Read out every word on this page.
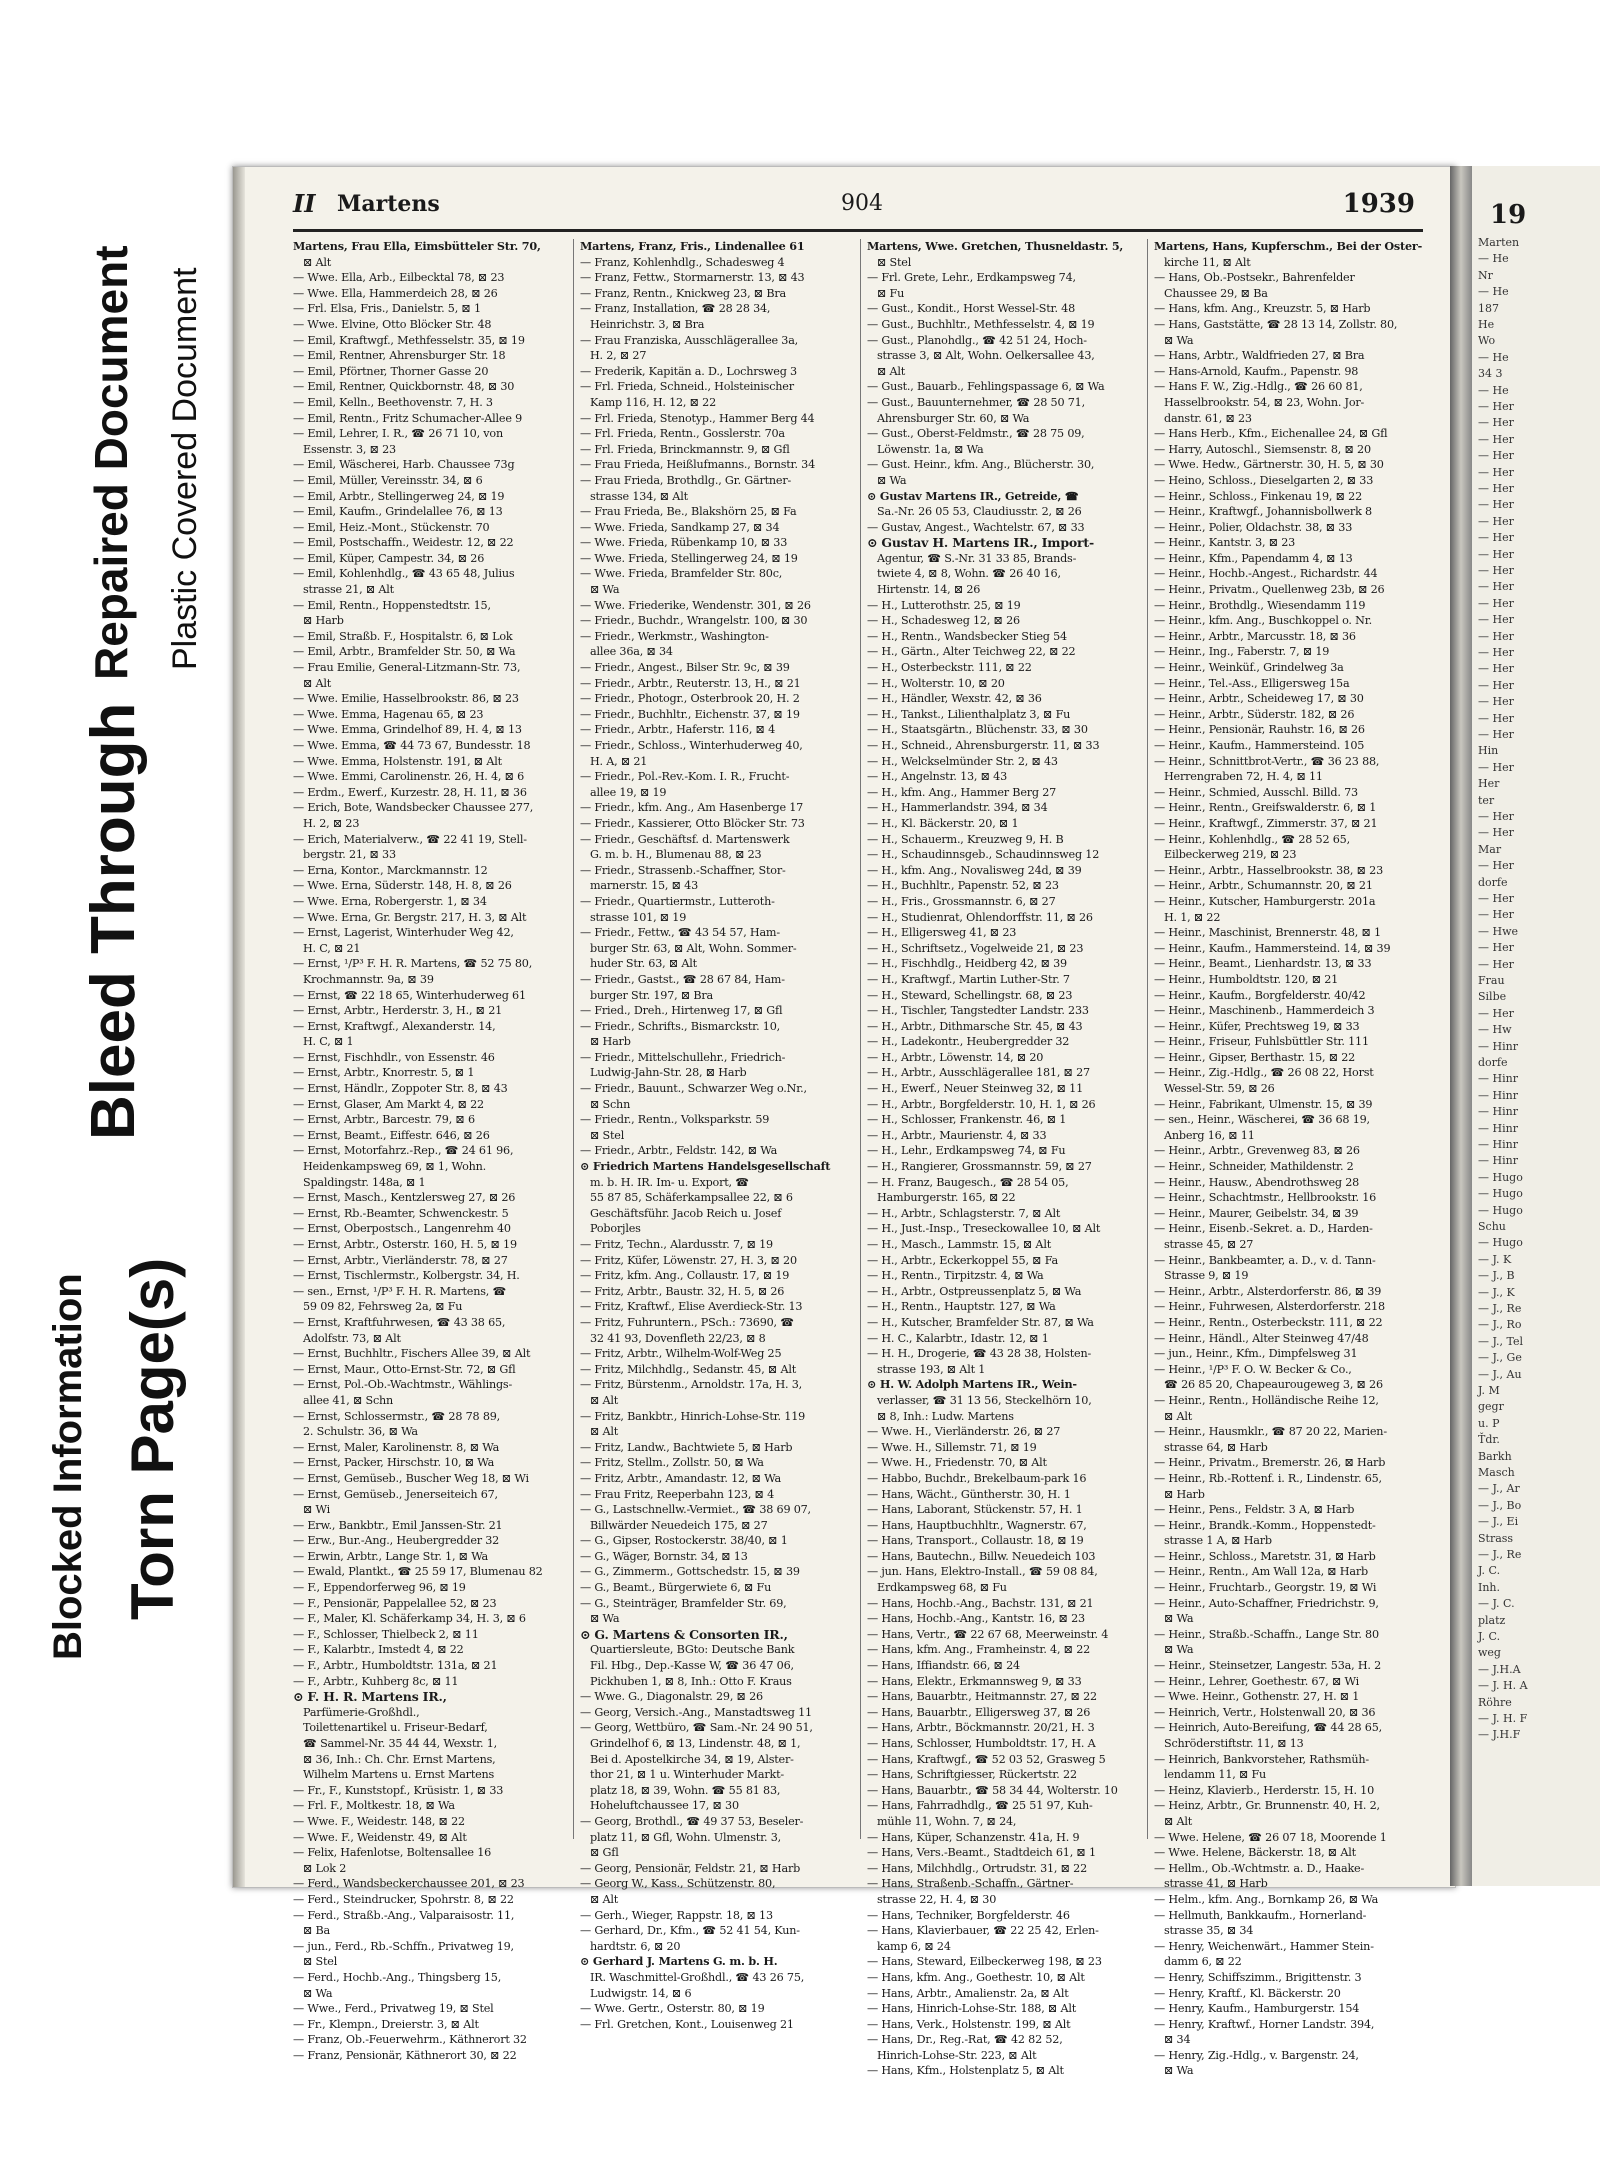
Blocked Information Torn Page(s)
Bleed Through
Repaired Document Plastic Covered Document
II Martens	904	1939

Martens, Frau Ella, Eimsbütteler Str. 70,

⊠ Alt

— Wwe. Ella, Arb., Eilbecktal 78, ⊠ 23

— Wwe. Ella, Hammerdeich 28, ⊠ 26

— Frl. Elsa, Fris., Danielstr. 5, ⊠ 1

— Wwe. Elvine, Otto Blöcker Str. 48

— Emil, Kraftwgf., Methfesselstr. 35, ⊠ 19

— Emil, Rentner, Ahrensburger Str. 18

— Emil, Pförtner, Thorner Gasse 20

— Emil, Rentner, Quickbornstr. 48, ⊠ 30

— Emil, Kelln., Beethovenstr. 7, H. 3

— Emil, Rentn., Fritz Schumacher-Allee 9

— Emil, Lehrer, I. R., ☎ 26 71 10, von

Essenstr. 3, ⊠ 23

— Emil, Wäscherei, Harb. Chaussee 73g

— Emil, Müller, Vereinsstr. 34, ⊠ 6

— Emil, Arbtr., Stellingerweg 24, ⊠ 19

— Emil, Kaufm., Grindelallee 76, ⊠ 13

— Emil, Heiz.-Mont., Stückenstr. 70

— Emil, Postschaffn., Weidestr. 12, ⊠ 22

— Emil, Küper, Campestr. 34, ⊠ 26

— Emil, Kohlenhdlg., ☎ 43 65 48, Julius

strasse 21, ⊠ Alt

— Emil, Rentn., Hoppenstedtstr. 15,

⊠ Harb

— Emil, Straßb. F., Hospitalstr. 6, ⊠ Lok

— Emil, Arbtr., Bramfelder Str. 50, ⊠ Wa

— Frau Emilie, General-Litzmann-Str. 73,

⊠ Alt

— Wwe. Emilie, Hasselbrookstr. 86, ⊠ 23

— Wwe. Emma, Hagenau 65, ⊠ 23

— Wwe. Emma, Grindelhof 89, H. 4, ⊠ 13

— Wwe. Emma, ☎ 44 73 67, Bundesstr. 18

— Wwe. Emma, Holstenstr. 191, ⊠ Alt

— Wwe. Emmi, Carolinenstr. 26, H. 4, ⊠ 6

— Erdm., Ewerf., Kurzestr. 28, H. 11, ⊠ 36

— Erich, Bote, Wandsbecker Chaussee 277,

H. 2, ⊠ 23

— Erich, Materialverw., ☎ 22 41 19, Stell-

bergstr. 21, ⊠ 33

— Erna, Kontor., Marckmannstr. 12

— Wwe. Erna, Süderstr. 148, H. 8, ⊠ 26

— Wwe. Erna, Robergerstr. 1, ⊠ 34

— Wwe. Erna, Gr. Bergstr. 217, H. 3, ⊠ Alt

— Ernst, Lagerist, Winterhuder Weg 42,

H. C, ⊠ 21

— Ernst, ¹/P³ F. H. R. Martens, ☎ 52 75 80,

Krochmannstr. 9a, ⊠ 39

— Ernst, ☎ 22 18 65, Winterhuderweg 61

— Ernst, Arbtr., Herderstr. 3, H., ⊠ 21

— Ernst, Kraftwgf., Alexanderstr. 14,

H. C, ⊠ 1

— Ernst, Fischhdlr., von Essenstr. 46

— Ernst, Arbtr., Knorrestr. 5, ⊠ 1

— Ernst, Händlr., Zoppoter Str. 8, ⊠ 43

— Ernst, Glaser, Am Markt 4, ⊠ 22

— Ernst, Arbtr., Barcestr. 79, ⊠ 6

— Ernst, Beamt., Eiffestr. 646, ⊠ 26

— Ernst, Motorfahrz.-Rep., ☎ 24 61 96,

Heidenkampsweg 69, ⊠ 1, Wohn.

Spaldingstr. 148a, ⊠ 1

— Ernst, Masch., Kentzlersweg 27, ⊠ 26

— Ernst, Rb.-Beamter, Schwenckestr. 5

— Ernst, Oberpostsch., Langenrehm 40

— Ernst, Arbtr., Osterstr. 160, H. 5, ⊠ 19

— Ernst, Arbtr., Vierländerstr. 78, ⊠ 27

— Ernst, Tischlermstr., Kolbergstr. 34, H.

— sen., Ernst, ¹/P³ F. H. R. Martens, ☎

59 09 82, Fehrsweg 2a, ⊠ Fu

— Ernst, Kraftfuhrwesen, ☎ 43 38 65,

Adolfstr. 73, ⊠ Alt

— Ernst, Buchhltr., Fischers Allee 39, ⊠ Alt

— Ernst, Maur., Otto-Ernst-Str. 72, ⊠ Gfl

— Ernst, Pol.-Ob.-Wachtmstr., Wählings-

allee 41, ⊠ Schn

— Ernst, Schlossermstr., ☎ 28 78 89,

2. Schulstr. 36, ⊠ Wa

— Ernst, Maler, Karolinenstr. 8, ⊠ Wa

— Ernst, Packer, Hirschstr. 10, ⊠ Wa

— Ernst, Gemüseb., Buscher Weg 18, ⊠ Wi

— Ernst, Gemüseb., Jenerseiteich 67,

⊠ Wi

— Erw., Bankbtr., Emil Janssen-Str. 21

— Erw., Bur.-Ang., Heubergredder 32

— Erwin, Arbtr., Lange Str. 1, ⊠ Wa

— Ewald, Plantkt., ☎ 25 59 17, Blumenau 82

— F., Eppendorferweg 96, ⊠ 19

— F., Pensionär, Pappelallee 52, ⊠ 23

— F., Maler, Kl. Schäferkamp 34, H. 3, ⊠ 6

— F., Schlosser, Thielbeck 2, ⊠ 11

— F., Kalarbtr., Imstedt 4, ⊠ 22

— F., Arbtr., Humboldtstr. 131a, ⊠ 21

— F., Arbtr., Kuhberg 8c, ⊠ 11

⊙ F. H. R. Martens IR.,

Parfümerie-Großhdl.,

Toilettenartikel u. Friseur-Bedarf,

☎ Sammel-Nr. 35 44 44, Wexstr. 1,

⊠ 36, Inh.: Ch. Chr. Ernst Martens,

Wilhelm Martens u. Ernst Martens

— Fr., F., Kunststopf., Krüsistr. 1, ⊠ 33

— Frl. F., Moltkestr. 18, ⊠ Wa

— Wwe. F., Weidestr. 148, ⊠ 22

— Wwe. F., Weidenstr. 49, ⊠ Alt

— Felix, Hafenlotse, Boltensallee 16

⊠ Lok 2

— Ferd., Wandsbeckerchaussee 201, ⊠ 23

— Ferd., Steindrucker, Spohrstr. 8, ⊠ 22

— Ferd., Straßb.-Ang., Valparaisostr. 11,

⊠ Ba

— jun., Ferd., Rb.-Schffn., Privatweg 19,

⊠ Stel

— Ferd., Hochb.-Ang., Thingsberg 15,

⊠ Wa

— Wwe., Ferd., Privatweg 19, ⊠ Stel

— Fr., Klempn., Dreierstr. 3, ⊠ Alt

— Franz, Ob.-Feuerwehrm., Käthnerort 32

— Franz, Pensionär, Käthnerort 30, ⊠ 22

Martens, Franz, Fris., Lindenallee 61

— Franz, Kohlenhdlg., Schadesweg 4

— Franz, Fettw., Stormarnerstr. 13, ⊠ 43

— Franz, Rentn., Knickweg 23, ⊠ Bra

— Franz, Installation, ☎ 28 28 34,

Heinrichstr. 3, ⊠ Bra

— Frau Franziska, Ausschlägerallee 3a,

H. 2, ⊠ 27

— Frederik, Kapitän a. D., Lochrsweg 3

— Frl. Frieda, Schneid., Holsteinischer

Kamp 116, H. 12, ⊠ 22

— Frl. Frieda, Stenotyp., Hammer Berg 44

— Frl. Frieda, Rentn., Gosslerstr. 70a

— Frl. Frieda, Brinckmannstr. 9, ⊠ Gfl

— Frau Frieda, Heißlufmanns., Bornstr. 34

— Frau Frieda, Brothdlg., Gr. Gärtner-

strasse 134, ⊠ Alt

— Frau Frieda, Be., Blakshörn 25, ⊠ Fa

— Wwe. Frieda, Sandkamp 27, ⊠ 34

— Wwe. Frieda, Rübenkamp 10, ⊠ 33

— Wwe. Frieda, Stellingerweg 24, ⊠ 19

— Wwe. Frieda, Bramfelder Str. 80c,

⊠ Wa

— Wwe. Friederike, Wendenstr. 301, ⊠ 26

— Friedr., Buchdr., Wrangelstr. 100, ⊠ 30

— Friedr., Werkmstr., Washington-

allee 36a, ⊠ 34

— Friedr., Angest., Bilser Str. 9c, ⊠ 39

— Friedr., Arbtr., Reuterstr. 13, H., ⊠ 21

— Friedr., Photogr., Osterbrook 20, H. 2

— Friedr., Buchhltr., Eichenstr. 37, ⊠ 19

— Friedr., Arbtr., Haferstr. 116, ⊠ 4

— Friedr., Schloss., Winterhuderweg 40,

H. A, ⊠ 21

— Friedr., Pol.-Rev.-Kom. I. R., Frucht-

allee 19, ⊠ 19

— Friedr., kfm. Ang., Am Hasenberge 17

— Friedr., Kassierer, Otto Blöcker Str. 73

— Friedr., Geschäftsf. d. Martenswerk

G. m. b. H., Blumenau 88, ⊠ 23

— Friedr., Strassenb.-Schaffner, Stor-

marnerstr. 15, ⊠ 43

— Friedr., Quartiermstr., Lutteroth-

strasse 101, ⊠ 19

— Friedr., Fettw., ☎ 43 54 57, Ham-

burger Str. 63, ⊠ Alt, Wohn. Sommer-

huder Str. 63, ⊠ Alt

— Friedr., Gastst., ☎ 28 67 84, Ham-

burger Str. 197, ⊠ Bra

— Fried., Dreh., Hirtenweg 17, ⊠ Gfl

— Friedr., Schrifts., Bismarckstr. 10,

⊠ Harb

— Friedr., Mittelschullehr., Friedrich-

Ludwig-Jahn-Str. 28, ⊠ Harb

— Friedr., Bauunt., Schwarzer Weg o.Nr.,

⊠ Schn

— Friedr., Rentn., Volksparkstr. 59

⊠ Stel

— Friedr., Arbtr., Feldstr. 142, ⊠ Wa

⊙ Friedrich Martens Handelsgesellschaft

m. b. H. IR. Im- u. Export, ☎

55 87 85, Schäferkampsallee 22, ⊠ 6

Geschäftsführ. Jacob Reich u. Josef

Poborjles

— Fritz, Techn., Alardusstr. 7, ⊠ 19

— Fritz, Küfer, Löwenstr. 27, H. 3, ⊠ 20

— Fritz, kfm. Ang., Collaustr. 17, ⊠ 19

— Fritz, Arbtr., Baustr. 32, H. 5, ⊠ 26

— Fritz, Kraftwf., Elise Averdieck-Str. 13

— Fritz, Fuhruntern., PSch.: 73690, ☎

32 41 93, Dovenfleth 22/23, ⊠ 8

— Fritz, Arbtr., Wilhelm-Wolf-Weg 25

— Fritz, Milchhdlg., Sedanstr. 45, ⊠ Alt

— Fritz, Bürstenm., Arnoldstr. 17a, H. 3,

⊠ Alt

— Fritz, Bankbtr., Hinrich-Lohse-Str. 119

⊠ Alt

— Fritz, Landw., Bachtwiete 5, ⊠ Harb

— Fritz, Stellm., Zollstr. 50, ⊠ Wa

— Fritz, Arbtr., Amandastr. 12, ⊠ Wa

— Frau Fritz, Reeperbahn 123, ⊠ 4

— G., Lastschnellw.-Vermiet., ☎ 38 69 07,

Billwärder Neuedeich 175, ⊠ 27

— G., Gipser, Rostockerstr. 38/40, ⊠ 1

— G., Wäger, Bornstr. 34, ⊠ 13

— G., Zimmerm., Gottschedstr. 15, ⊠ 39

— G., Beamt., Bürgerwiete 6, ⊠ Fu

— G., Steinträger, Bramfelder Str. 69,

⊠ Wa

⊙ G. Martens & Consorten IR.,

Quartiersleute, BGto: Deutsche Bank

Fil. Hbg., Dep.-Kasse W, ☎ 36 47 06,

Pickhuben 1, ⊠ 8, Inh.: Otto F. Kraus

— Wwe. G., Diagonalstr. 29, ⊠ 26

— Georg, Versich.-Ang., Manstadtsweg 11

— Georg, Wettbüro, ☎ Sam.-Nr. 24 90 51,

Grindelhof 6, ⊠ 13, Lindenstr. 48, ⊠ 1,

Bei d. Apostelkirche 34, ⊠ 19, Alster-

thor 21, ⊠ 1 u. Winterhuder Markt-

platz 18, ⊠ 39, Wohn. ☎ 55 81 83,

Hoheluftchaussee 17, ⊠ 30

— Georg, Brothdl., ☎ 49 37 53, Beseler-

platz 11, ⊠ Gfl, Wohn. Ulmenstr. 3,

⊠ Gfl

— Georg, Pensionär, Feldstr. 21, ⊠ Harb

— Georg W., Kass., Schützenstr. 80,

⊠ Alt

— Gerh., Wieger, Rappstr. 18, ⊠ 13

— Gerhard, Dr., Kfm., ☎ 52 41 54, Kun-

hardtstr. 6, ⊠ 20

⊙ Gerhard J. Martens G. m. b. H.

IR. Waschmittel-Großhdl., ☎ 43 26 75,

Ludwigstr. 14, ⊠ 6

— Wwe. Gertr., Osterstr. 80, ⊠ 19

— Frl. Gretchen, Kont., Louisenweg 21

Martens, Wwe. Gretchen, Thusneldastr. 5,

⊠ Stel

— Frl. Grete, Lehr., Erdkampsweg 74,

⊠ Fu

— Gust., Kondit., Horst Wessel-Str. 48

— Gust., Buchhltr., Methfesselstr. 4, ⊠ 19

— Gust., Planohdlg., ☎ 42 51 24, Hoch-

strasse 3, ⊠ Alt, Wohn. Oelkersallee 43,

⊠ Alt

— Gust., Bauarb., Fehlingspassage 6, ⊠ Wa

— Gust., Bauunternehmer, ☎ 28 50 71,

Ahrensburger Str. 60, ⊠ Wa

— Gust., Oberst-Feldmstr., ☎ 28 75 09,

Löwenstr. 1a, ⊠ Wa

— Gust. Heinr., kfm. Ang., Blücherstr. 30,

⊠ Wa

⊙ Gustav Martens IR., Getreide, ☎

Sa.-Nr. 26 05 53, Claudiusstr. 2, ⊠ 26

— Gustav, Angest., Wachtelstr. 67, ⊠ 33

⊙ Gustav H. Martens IR., Import-

Agentur, ☎ S.-Nr. 31 33 85, Brands-

twiete 4, ⊠ 8, Wohn. ☎ 26 40 16,

Hirtenstr. 14, ⊠ 26

— H., Lutterothstr. 25, ⊠ 19

— H., Schadesweg 12, ⊠ 26

— H., Rentn., Wandsbecker Stieg 54

— H., Gärtn., Alter Teichweg 22, ⊠ 22

— H., Osterbeckstr. 111, ⊠ 22

— H., Wolterstr. 10, ⊠ 20

— H., Händler, Wexstr. 42, ⊠ 36

— H., Tankst., Lilienthalplatz 3, ⊠ Fu

— H., Staatsgärtn., Blüchenstr. 33, ⊠ 30

— H., Schneid., Ahrensburgerstr. 11, ⊠ 33

— H., Welckselmünder Str. 2, ⊠ 43

— H., Angelnstr. 13, ⊠ 43

— H., kfm. Ang., Hammer Berg 27

— H., Hammerlandstr. 394, ⊠ 34

— H., Kl. Bäckerstr. 20, ⊠ 1

— H., Schauerm., Kreuzweg 9, H. B

— H., Schaudinnsgeb., Schaudinnsweg 12

— H., kfm. Ang., Novalisweg 24d, ⊠ 39

— H., Buchhltr., Papenstr. 52, ⊠ 23

— H., Fris., Grossmannstr. 6, ⊠ 27

— H., Studienrat, Ohlendorffstr. 11, ⊠ 26

— H., Elligersweg 41, ⊠ 23

— H., Schriftsetz., Vogelweide 21, ⊠ 23

— H., Fischhdlg., Heidberg 42, ⊠ 39

— H., Kraftwgf., Martin Luther-Str. 7

— H., Steward, Schellingstr. 68, ⊠ 23

— H., Tischler, Tangstedter Landstr. 233

— H., Arbtr., Dithmarsche Str. 45, ⊠ 43

— H., Ladekontr., Heubergredder 32

— H., Arbtr., Löwenstr. 14, ⊠ 20

— H., Arbtr., Ausschlägerallee 181, ⊠ 27

— H., Ewerf., Neuer Steinweg 32, ⊠ 11

— H., Arbtr., Borgfelderstr. 10, H. 1, ⊠ 26

— H., Schlosser, Frankenstr. 46, ⊠ 1

— H., Arbtr., Maurienstr. 4, ⊠ 33

— H., Lehr., Erdkampsweg 74, ⊠ Fu

— H., Rangierer, Grossmannstr. 59, ⊠ 27

— H. Franz, Baugesch., ☎ 28 54 05,

Hamburgerstr. 165, ⊠ 22

— H., Arbtr., Schlagsterstr. 7, ⊠ Alt

— H., Just.-Insp., Treseckowallee 10, ⊠ Alt

— H., Masch., Lammstr. 15, ⊠ Alt

— H., Arbtr., Eckerkoppel 55, ⊠ Fa

— H., Rentn., Tirpitzstr. 4, ⊠ Wa

— H., Arbtr., Ostpreussenplatz 5, ⊠ Wa

— H., Rentn., Hauptstr. 127, ⊠ Wa

— H., Kutscher, Bramfelder Str. 87, ⊠ Wa

— H. C., Kalarbtr., Idastr. 12, ⊠ 1

— H. H., Drogerie, ☎ 43 28 38, Holsten-

strasse 193, ⊠ Alt 1

⊙ H. W. Adolph Martens IR., Wein-

verlasser, ☎ 31 13 56, Steckelhörn 10,

⊠ 8, Inh.: Ludw. Martens

— Wwe. H., Vierländerstr. 26, ⊠ 27

— Wwe. H., Sillemstr. 71, ⊠ 19

— Wwe. H., Friedenstr. 70, ⊠ Alt

— Habbo, Buchdr., Brekelbaum-park 16

— Hans, Wächt., Güntherstr. 30, H. 1

— Hans, Laborant, Stückenstr. 57, H. 1

— Hans, Hauptbuchhltr., Wagnerstr. 67,

— Hans, Transport., Collaustr. 18, ⊠ 19

— Hans, Bautechn., Billw. Neuedeich 103

— jun. Hans, Elektro-Install., ☎ 59 08 84,

Erdkampsweg 68, ⊠ Fu

— Hans, Hochb.-Ang., Bachstr. 131, ⊠ 21

— Hans, Hochb.-Ang., Kantstr. 16, ⊠ 23

— Hans, Vertr., ☎ 22 67 68, Meerweinstr. 4

— Hans, kfm. Ang., Framheinstr. 4, ⊠ 22

— Hans, Iffiandstr. 66, ⊠ 24

— Hans, Elektr., Erkmannsweg 9, ⊠ 33

— Hans, Bauarbtr., Heitmannstr. 27, ⊠ 22

— Hans, Bauarbtr., Elligersweg 37, ⊠ 26

— Hans, Arbtr., Böckmannstr. 20/21, H. 3

— Hans, Schlosser, Humboldtstr. 17, H. A

— Hans, Kraftwgf., ☎ 52 03 52, Grasweg 5

— Hans, Schriftgiesser, Rückertstr. 22

— Hans, Bauarbtr., ☎ 58 34 44, Wolterstr. 10

— Hans, Fahrradhdlg., ☎ 25 51 97, Kuh-

mühle 11, Wohn. 7, ⊠ 24,

— Hans, Küper, Schanzenstr. 41a, H. 9

— Hans, Vers.-Beamt., Stadtdeich 61, ⊠ 1

— Hans, Milchhdlg., Ortrudstr. 31, ⊠ 22

— Hans, Straßenb.-Schaffn., Gärtner-

strasse 22, H. 4, ⊠ 30

— Hans, Techniker, Borgfelderstr. 46

— Hans, Klavierbauer, ☎ 22 25 42, Erlen-

kamp 6, ⊠ 24

— Hans, Steward, Eilbeckerweg 198, ⊠ 23

— Hans, kfm. Ang., Goethestr. 10, ⊠ Alt

— Hans, Arbtr., Amalienstr. 2a, ⊠ Alt

— Hans, Hinrich-Lohse-Str. 188, ⊠ Alt

— Hans, Verk., Holstenstr. 199, ⊠ Alt

— Hans, Dr., Reg.-Rat, ☎ 42 82 52,

Hinrich-Lohse-Str. 223, ⊠ Alt

— Hans, Kfm., Holstenplatz 5, ⊠ Alt

Martens, Hans, Kupferschm., Bei der Oster-

kirche 11, ⊠ Alt

— Hans, Ob.-Postsekr., Bahrenfelder

Chaussee 29, ⊠ Ba

— Hans, kfm. Ang., Kreuzstr. 5, ⊠ Harb

— Hans, Gaststätte, ☎ 28 13 14, Zollstr. 80,

⊠ Wa

— Hans, Arbtr., Waldfrieden 27, ⊠ Bra

— Hans-Arnold, Kaufm., Papenstr. 98

— Hans F. W., Zig.-Hdlg., ☎ 26 60 81,

Hasselbrookstr. 54, ⊠ 23, Wohn. Jor-

danstr. 61, ⊠ 23

— Hans Herb., Kfm., Eichenallee 24, ⊠ Gfl

— Harry, Autoschl., Siemsenstr. 8, ⊠ 20

— Wwe. Hedw., Gärtnerstr. 30, H. 5, ⊠ 30

— Heino, Schloss., Dieselgarten 2, ⊠ 33

— Heinr., Schloss., Finkenau 19, ⊠ 22

— Heinr., Kraftwgf., Johannisbollwerk 8

— Heinr., Polier, Oldachstr. 38, ⊠ 33

— Heinr., Kantstr. 3, ⊠ 23

— Heinr., Kfm., Papendamm 4, ⊠ 13

— Heinr., Hochb.-Angest., Richardstr. 44

— Heinr., Privatm., Quellenweg 23b, ⊠ 26

— Heinr., Brothdlg., Wiesendamm 119

— Heinr., kfm. Ang., Buschkoppel o. Nr.

— Heinr., Arbtr., Marcusstr. 18, ⊠ 36

— Heinr., Ing., Faberstr. 7, ⊠ 19

— Heinr., Weinküf., Grindelweg 3a

— Heinr., Tel.-Ass., Elligersweg 15a

— Heinr., Arbtr., Scheideweg 17, ⊠ 30

— Heinr., Arbtr., Süderstr. 182, ⊠ 26

— Heinr., Pensionär, Rauhstr. 16, ⊠ 26

— Heinr., Kaufm., Hammersteind. 105

— Heinr., Schnittbrot-Vertr., ☎ 36 23 88,

Herrengraben 72, H. 4, ⊠ 11

— Heinr., Schmied, Ausschl. Billd. 73

— Heinr., Rentn., Greifswalderstr. 6, ⊠ 1

— Heinr., Kraftwgf., Zimmerstr. 37, ⊠ 21

— Heinr., Kohlenhdlg., ☎ 28 52 65,

Eilbeckerweg 219, ⊠ 23

— Heinr., Arbtr., Hasselbrookstr. 38, ⊠ 23

— Heinr., Arbtr., Schumannstr. 20, ⊠ 21

— Heinr., Kutscher, Hamburgerstr. 201a

H. 1, ⊠ 22

— Heinr., Maschinist, Brennerstr. 48, ⊠ 1

— Heinr., Kaufm., Hammersteind. 14, ⊠ 39

— Heinr., Beamt., Lienhardstr. 13, ⊠ 33

— Heinr., Humboldtstr. 120, ⊠ 21

— Heinr., Kaufm., Borgfelderstr. 40/42

— Heinr., Maschinenb., Hammerdeich 3

— Heinr., Küfer, Prechtsweg 19, ⊠ 33

— Heinr., Friseur, Fuhlsbüttler Str. 111

— Heinr., Gipser, Berthastr. 15, ⊠ 22

— Heinr., Zig.-Hdlg., ☎ 26 08 22, Horst

Wessel-Str. 59, ⊠ 26

— Heinr., Fabrikant, Ulmenstr. 15, ⊠ 39

— sen., Heinr., Wäscherei, ☎ 36 68 19,

Anberg 16, ⊠ 11

— Heinr., Arbtr., Grevenweg 83, ⊠ 26

— Heinr., Schneider, Mathildenstr. 2

— Heinr., Hausw., Abendrothsweg 28

— Heinr., Schachtmstr., Hellbrookstr. 16

— Heinr., Maurer, Geibelstr. 34, ⊠ 39

— Heinr., Eisenb.-Sekret. a. D., Harden-

strasse 45, ⊠ 27

— Heinr., Bankbeamter, a. D., v. d. Tann-

Strasse 9, ⊠ 19

— Heinr., Arbtr., Alsterdorferstr. 86, ⊠ 39

— Heinr., Fuhrwesen, Alsterdorferstr. 218

— Heinr., Rentn., Osterbeckstr. 111, ⊠ 22

— Heinr., Händl., Alter Steinweg 47/48

— jun., Heinr., Kfm., Dimpfelsweg 31

— Heinr., ¹/P³ F. O. W. Becker & Co.,

☎ 26 85 20, Chapeaurougeweg 3, ⊠ 26

— Heinr., Rentn., Holländische Reihe 12,

⊠ Alt

— Heinr., Hausmklr., ☎ 87 20 22, Marien-

strasse 64, ⊠ Harb

— Heinr., Privatm., Bremerstr. 26, ⊠ Harb

— Heinr., Rb.-Rottenf. i. R., Lindenstr. 65,

⊠ Harb

— Heinr., Pens., Feldstr. 3 A, ⊠ Harb

— Heinr., Brandk.-Komm., Hoppenstedt-

strasse 1 A, ⊠ Harb

— Heinr., Schloss., Maretstr. 31, ⊠ Harb

— Heinr., Rentn., Am Wall 12a, ⊠ Harb

— Heinr., Fruchtarb., Georgstr. 19, ⊠ Wi

— Heinr., Auto-Schaffner, Friedrichstr. 9,

⊠ Wa

— Heinr., Straßb.-Schaffn., Lange Str. 80

⊠ Wa

— Heinr., Steinsetzer, Langestr. 53a, H. 2

— Heinr., Lehrer, Goethestr. 67, ⊠ Wi

— Wwe. Heinr., Gothenstr. 27, H. ⊠ 1

— Heinrich, Vertr., Holstenwall 20, ⊠ 36

— Heinrich, Auto-Bereifung, ☎ 44 28 65,

Schröderstiftstr. 11, ⊠ 13

— Heinrich, Bankvorsteher, Rathsmüh-

lendamm 11, ⊠ Fu

— Heinz, Klavierb., Herderstr. 15, H. 10

— Heinz, Arbtr., Gr. Brunnenstr. 40, H. 2,

⊠ Alt

— Wwe. Helene, ☎ 26 07 18, Moorende 1

— Wwe. Helene, Bäckerstr. 18, ⊠ Alt

— Hellm., Ob.-Wchtmstr. a. D., Haake-

strasse 41, ⊠ Harb

— Helm., kfm. Ang., Bornkamp 26, ⊠ Wa

— Hellmuth, Bankkaufm., Hornerland-

strasse 35, ⊠ 34

— Henry, Weichenwärt., Hammer Stein-

damm 6, ⊠ 22

— Henry, Schiffszimm., Brigittenstr. 3

— Henry, Kraftf., Kl. Bäckerstr. 20

— Henry, Kaufm., Hamburgerstr. 154

— Henry, Kraftwf., Horner Landstr. 394,

⊠ 34

— Henry, Zig.-Hdlg., v. Bargenstr. 24,

⊠ Wa

19
Marten
— He
Nr
— He
187
He
Wo
— He
34 3
— He
— Her
— Her
— Her
— Her
— Her
— Her
— Her
— Her
— Her
— Her
— Her
— Her
— Her
— Her
— Her
— Her
— Her
— Her
— Her
— Her
— Her
Hin
— Her
Her
ter
— Her
— Her
Mar
— Her
dorfe
— Her
— Her
— Hwe
— Her
— Her
Frau
Silbe
— Her
— Hw
— Hinr
dorfe
— Hinr
— Hinr
— Hinr
— Hinr
— Hinr
— Hinr
— Hugo
— Hugo
— Hugo
Schu
— Hugo
— J. K
— J., B
— J., K
— J., Re
— J., Ro
— J., Tel
— J., Ge
— J., Au
J. M
gegr
u. P
Ťdr.
Barkh
Masch
— J., Ar
— J., Bo
— J., Ei
Strass
— J., Re
J. C.
Inh.
— J. C.
platz
J. C.
weg
— J.H.A
— J. H. A
Röhre
— J. H. F
— J.H.F
